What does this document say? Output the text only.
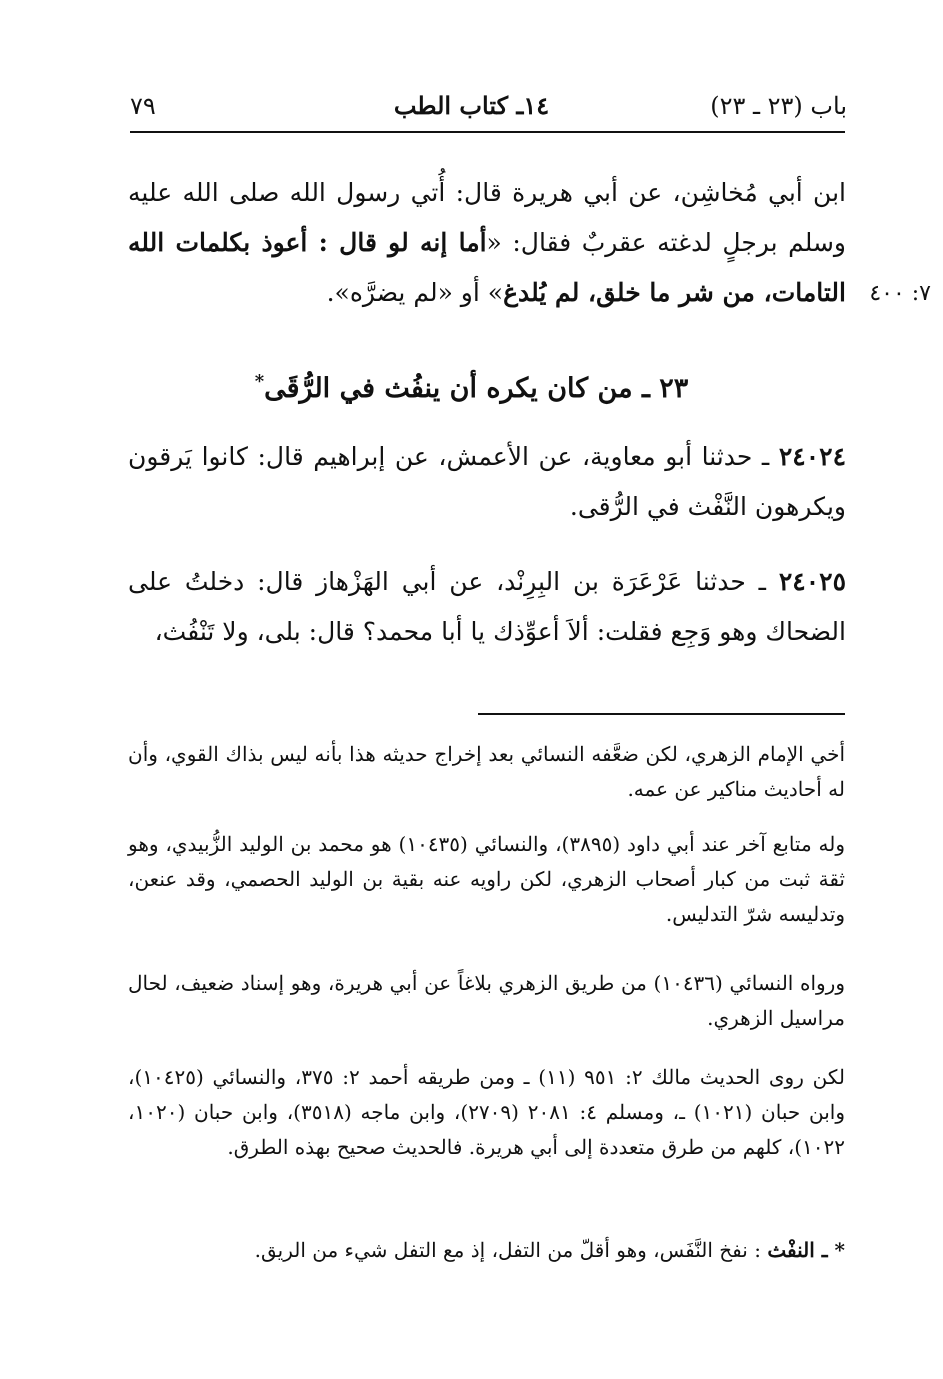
باب (٢٣ ـ ٢٣)
١٤ـ كتاب الطب
٧٩
ابن أبي مُخاشِن، عن أبي هريرة قال: أُتي رسول الله صلى الله عليه وسلم برجلٍ لدغته عقربٌ فقال: «أما إنه لو قال : أعوذ بكلمات الله التامات، من شر ما خلق، لم يُلدغ» أو «لم يضرَّه».	٧: ٤٠٠
٢٣ ـ من كان يكره أن ينفُث في الرُّقَى*
٢٤٠٢٤ ـ حدثنا أبو معاوية، عن الأعمش، عن إبراهيم قال: كانوا يَرقون ويكرهون النَّفْث في الرُّقى.
٢٤٠٢٥ ـ حدثنا عَرْعَرَة بن البِرِنْد، عن أبي الهَزْهاز قال: دخلتُ على الضحاك وهو وَجِع فقلت: ألاَ أعوِّذك يا أبا محمد؟ قال: بلى، ولا تَنْفُث،
أخي الإمام الزهري، لكن ضعَّفه النسائي بعد إخراج حديثه هذا بأنه ليس بذاك القوي، وأن له أحاديث مناكير عن عمه.
وله متابع آخر عند أبي داود (٣٨٩٥)، والنسائي (١٠٤٣٥) هو محمد بن الوليد الزُّبيدي، وهو ثقة ثبت من كبار أصحاب الزهري، لكن راويه عنه بقية بن الوليد الحصمي، وقد عنعن، وتدليسه شرّ التدليس.
ورواه النسائي (١٠٤٣٦) من طريق الزهري بلاغاً عن أبي هريرة، وهو إسناد ضعيف، لحال مراسيل الزهري.
لكن روى الحديث مالك ٢: ٩٥١ (١١) ـ ومن طريقه أحمد ٢: ٣٧٥، والنسائي (١٠٤٢٥)، وابن حبان (١٠٢١) ـ، ومسلم ٤: ٢٠٨١ (٢٧٠٩)، وابن ماجه (٣٥١٨)، وابن حبان (١٠٢٠، ١٠٢٢)، كلهم من طرق متعددة إلى أبي هريرة. فالحديث صحيح بهذه الطرق.
* ـ النفْث : نفخ النَّفَس، وهو أقلّ من التفل، إذ مع التفل شيء من الريق.
